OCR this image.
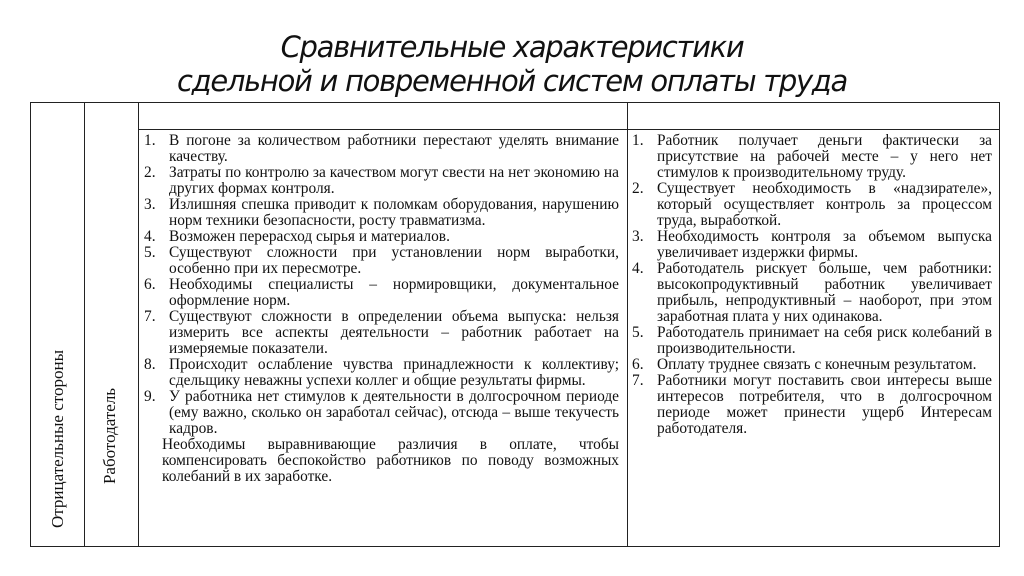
Сравнительные характеристики
сдельной и повременной систем оплаты труда
Отрицательные стороны Работодатель
1. В погоне за количеством работники перестают уделять внимание качеству.
2. Затраты по контролю за качеством могут свести на нет экономию на других формах контроля.
3. Излишняя спешка приводит к поломкам оборудования, нарушению норм техники безопасности, росту травматизма.
4. Возможен перерасход сырья и материалов.
5. Существуют сложности при установлении норм выработки, особенно при их пересмотре.
6. Необходимы специалисты – нормировщики, документальное оформление норм.
7. Существуют сложности в определении объема выпуска: нельзя измерить все аспекты деятельности – работник работает на измеряемые показатели.
8. Происходит ослабление чувства принадлежности к коллективу; сдельщику неважны успехи коллег и общие результаты фирмы.
9. У работника нет стимулов к деятельности в долгосрочном периоде (ему важно, сколько он заработал сейчас), отсюда – выше текучесть кадров.
Необходимы выравнивающие различия в оплате, чтобы компенсировать беспокойство работников по поводу возможных колебаний в их заработке.
1. Работник получает деньги фактически за присутствие на рабочей месте – у него нет стимулов к производительному труду.
2. Существует необходимость в «надзирателе», который осуществляет контроль за процессом труда, выработкой.
3. Необходимость контроля за объемом выпуска увеличивает издержки фирмы.
4. Работодатель рискует больше, чем работники: высокопродуктивный работник увеличивает прибыль, непродуктивный – наоборот, при этом заработная плата у них одинакова.
5. Работодатель принимает на себя риск колебаний в производительности.
6. Оплату труднее связать с конечным результатом.
7. Работники могут поставить свои интересы выше интересов потребителя, что в долгосрочном периоде может принести ущерб Интересам работодателя.
